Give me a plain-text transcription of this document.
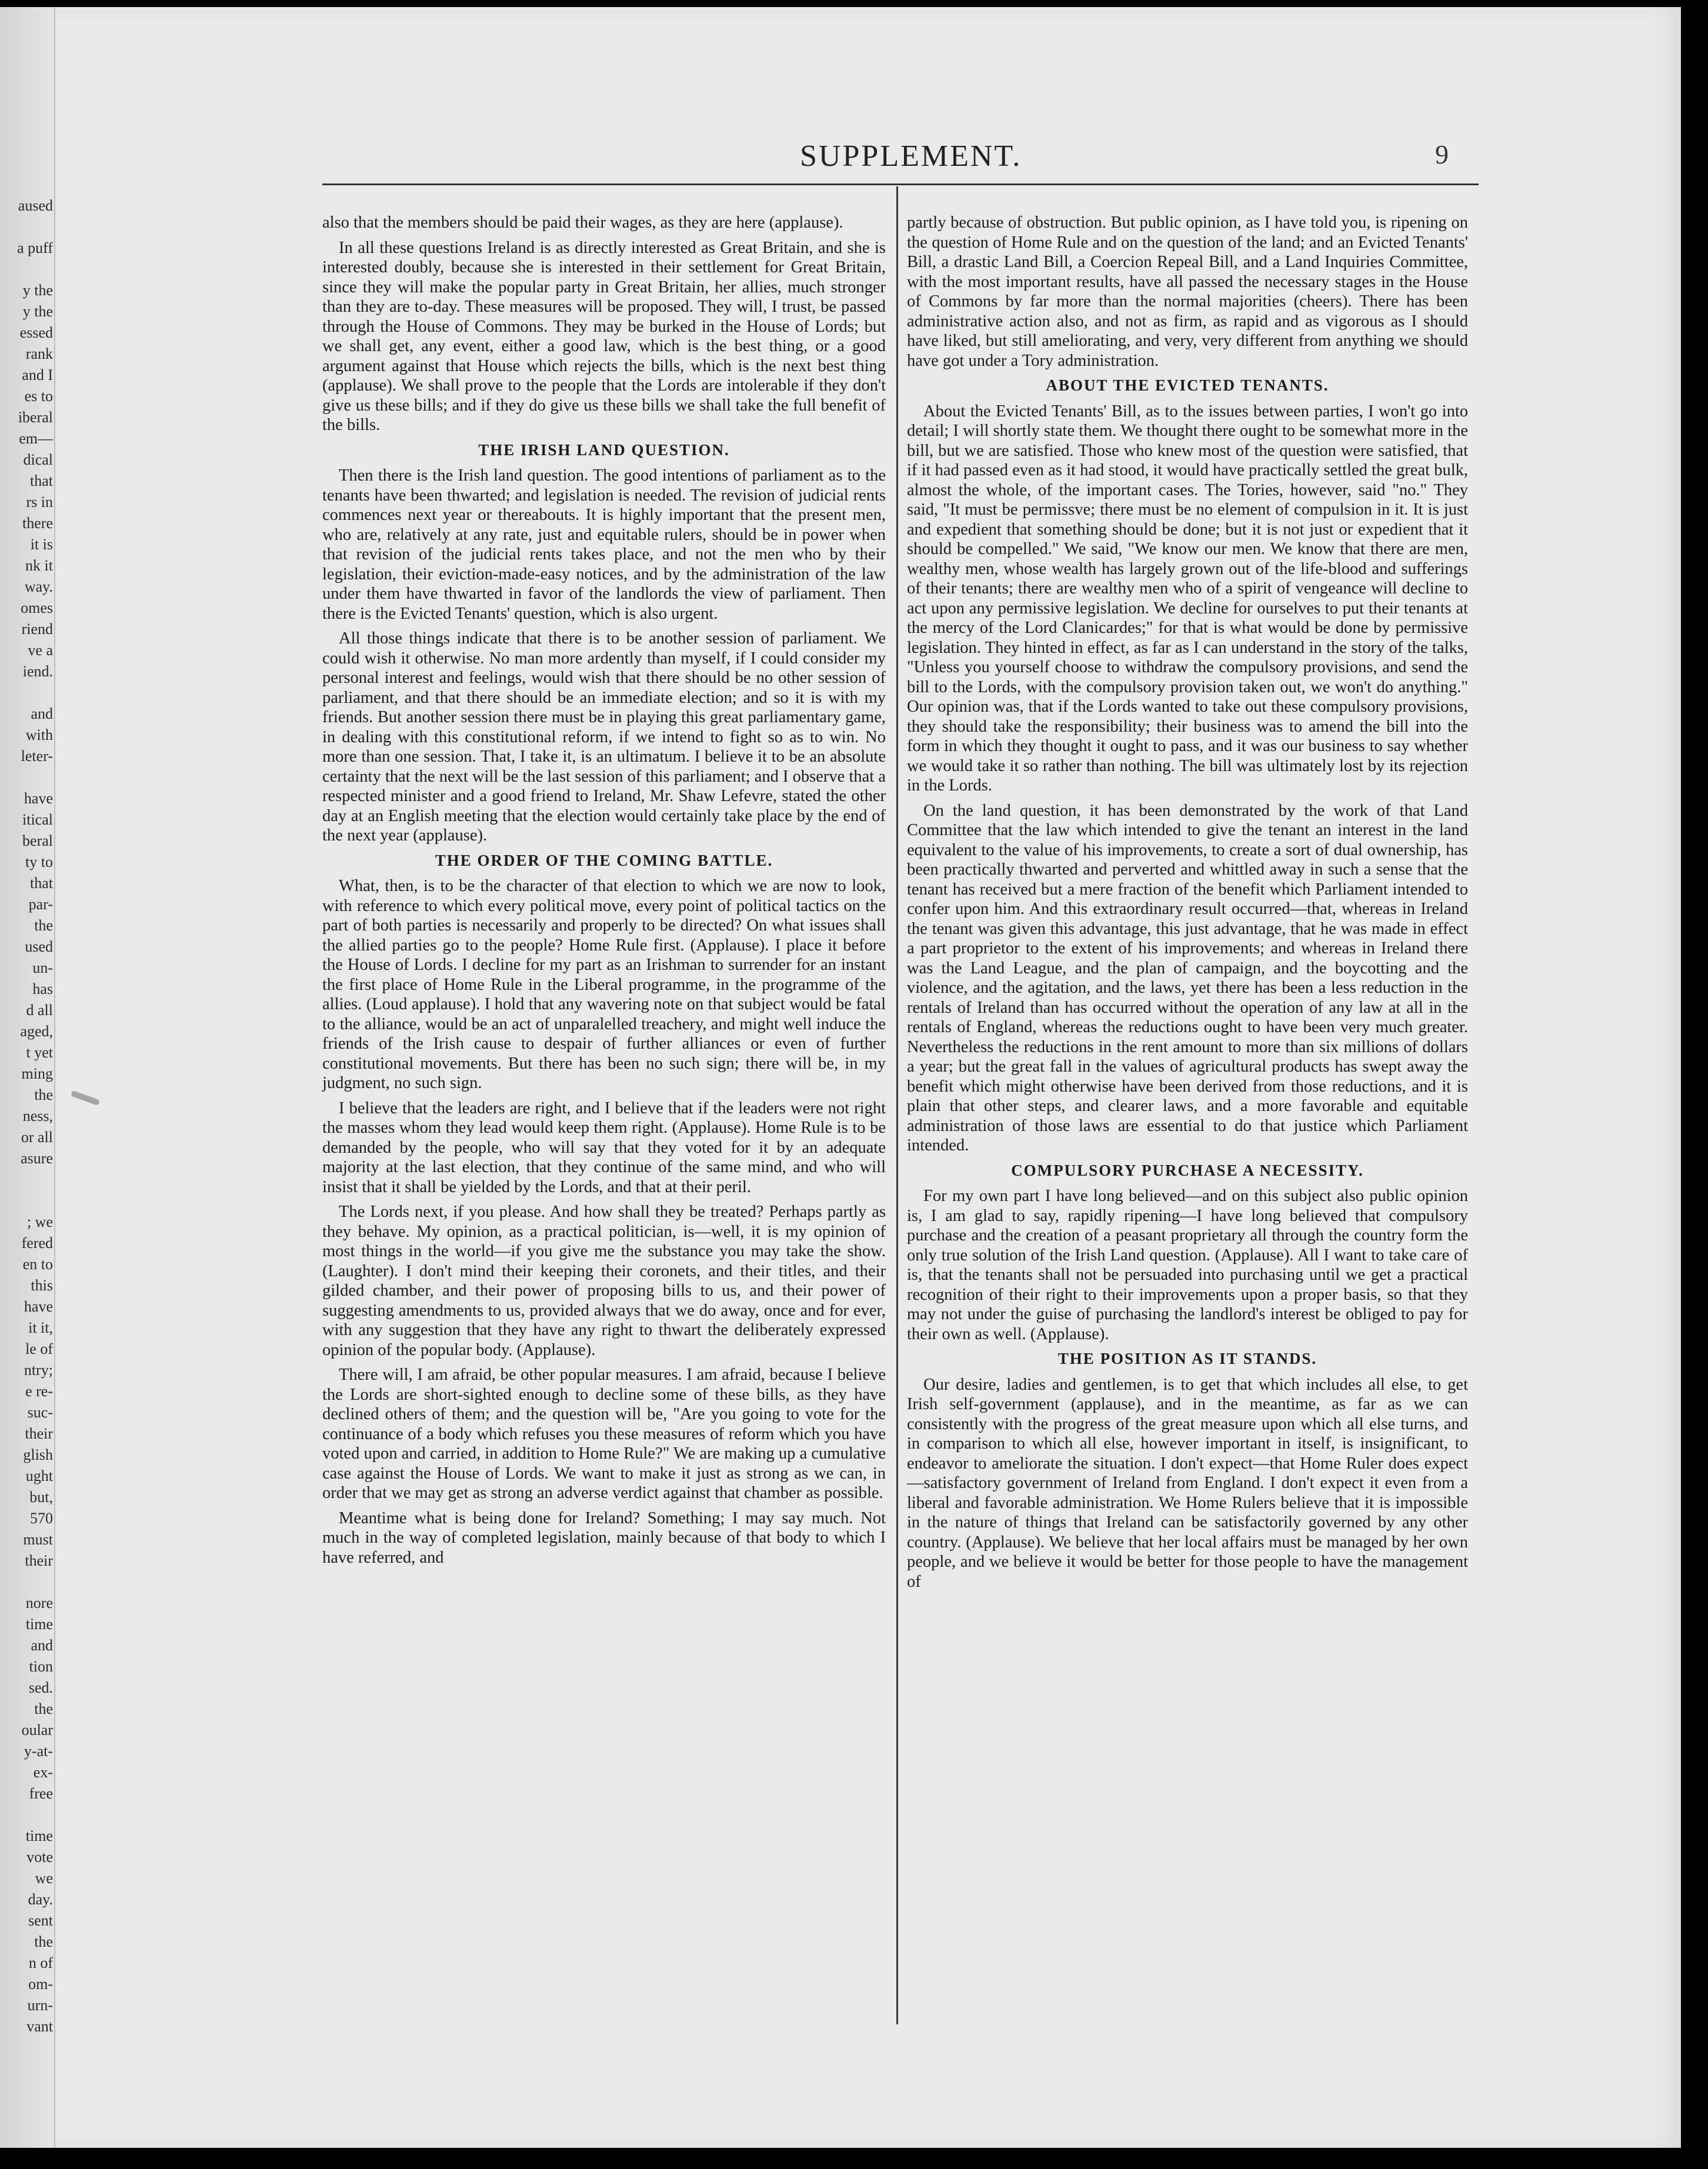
aused
a puff
y the
y the
essed
rank
and I
es to
iberal
em—
dical
that
rs in
there
it is
nk it
way.
omes
riend
ve a
iend.
and
with
leter-
have
itical
beral
ty to
that
par-
the
used
un-
has
d all
aged,
t yet
ming
the
ness,
or all
asure
; we
fered
en to
this
have
it it,
le of
ntry;
e re-
suc-
their
glish
ught
but,
570
must
their
nore
time
and
tion
sed.
the
oular
y-at-
ex-
free
time
vote
we
day.
sent
the
n of
om-
urn-
vant
SUPPLEMENT.	9

also that the members should be paid their wages, as they are here (applause).

In all these questions Ireland is as directly interested as Great Britain, and she is interested doubly, because she is interested in their settlement for Great Britain, since they will make the popular party in Great Britain, her allies, much stronger than they are to-day. These measures will be proposed. They will, I trust, be passed through the House of Commons. They may be burked in the House of Lords; but we shall get, any event, either a good law, which is the best thing, or a good argument against that House which rejects the bills, which is the next best thing (applause). We shall prove to the people that the Lords are intolerable if they don't give us these bills; and if they do give us these bills we shall take the full benefit of the bills.

THE IRISH LAND QUESTION.

Then there is the Irish land question. The good intentions of parliament as to the tenants have been thwarted; and legislation is needed. The revision of judicial rents commences next year or thereabouts. It is highly important that the present men, who are, relatively at any rate, just and equitable rulers, should be in power when that revision of the judicial rents takes place, and not the men who by their legislation, their eviction-made-easy notices, and by the administration of the law under them have thwarted in favor of the landlords the view of parliament. Then there is the Evicted Tenants' question, which is also urgent.

All those things indicate that there is to be another session of parliament. We could wish it otherwise. No man more ardently than myself, if I could consider my personal interest and feelings, would wish that there should be no other session of parliament, and that there should be an immediate election; and so it is with my friends. But another session there must be in playing this great parliamentary game, in dealing with this constitutional reform, if we intend to fight so as to win. No more than one session. That, I take it, is an ultimatum. I believe it to be an absolute certainty that the next will be the last session of this parliament; and I observe that a respected minister and a good friend to Ireland, Mr. Shaw Lefevre, stated the other day at an English meeting that the election would certainly take place by the end of the next year (applause).

THE ORDER OF THE COMING BATTLE.

What, then, is to be the character of that election to which we are now to look, with reference to which every political move, every point of political tactics on the part of both parties is necessarily and properly to be directed? On what issues shall the allied parties go to the people? Home Rule first. (Applause). I place it before the House of Lords. I decline for my part as an Irishman to surrender for an instant the first place of Home Rule in the Liberal programme, in the programme of the allies. (Loud applause). I hold that any wavering note on that subject would be fatal to the alliance, would be an act of unparalelled treachery, and might well induce the friends of the Irish cause to despair of further alliances or even of further constitutional movements. But there has been no such sign; there will be, in my judgment, no such sign.

I believe that the leaders are right, and I believe that if the leaders were not right the masses whom they lead would keep them right. (Applause). Home Rule is to be demanded by the people, who will say that they voted for it by an adequate majority at the last election, that they continue of the same mind, and who will insist that it shall be yielded by the Lords, and that at their peril.

The Lords next, if you please. And how shall they be treated? Perhaps partly as they behave. My opinion, as a practical politician, is—well, it is my opinion of most things in the world—if you give me the substance you may take the show. (Laughter). I don't mind their keeping their coronets, and their titles, and their gilded chamber, and their power of proposing bills to us, and their power of suggesting amendments to us, provided always that we do away, once and for ever, with any suggestion that they have any right to thwart the deliberately expressed opinion of the popular body. (Applause).

There will, I am afraid, be other popular measures. I am afraid, because I believe the Lords are short-sighted enough to decline some of these bills, as they have declined others of them; and the question will be, "Are you going to vote for the continuance of a body which refuses you these measures of reform which you have voted upon and carried, in addition to Home Rule?" We are making up a cumulative case against the House of Lords. We want to make it just as strong as we can, in order that we may get as strong an adverse verdict against that chamber as possible.

Meantime what is being done for Ireland? Something; I may say much. Not much in the way of completed legislation, mainly because of that body to which I have referred, and

partly because of obstruction. But public opinion, as I have told you, is ripening on the question of Home Rule and on the question of the land; and an Evicted Tenants' Bill, a drastic Land Bill, a Coercion Repeal Bill, and a Land Inquiries Committee, with the most important results, have all passed the necessary stages in the House of Commons by far more than the normal majorities (cheers). There has been administrative action also, and not as firm, as rapid and as vigorous as I should have liked, but still ameliorating, and very, very different from anything we should have got under a Tory administration.

ABOUT THE EVICTED TENANTS.

About the Evicted Tenants' Bill, as to the issues between parties, I won't go into detail; I will shortly state them. We thought there ought to be somewhat more in the bill, but we are satisfied. Those who knew most of the question were satisfied, that if it had passed even as it had stood, it would have practically settled the great bulk, almost the whole, of the important cases. The Tories, however, said "no." They said, "It must be permissve; there must be no element of compulsion in it. It is just and expedient that something should be done; but it is not just or expedient that it should be compelled." We said, "We know our men. We know that there are men, wealthy men, whose wealth has largely grown out of the life-blood and sufferings of their tenants; there are wealthy men who of a spirit of vengeance will decline to act upon any permissive legislation. We decline for ourselves to put their tenants at the mercy of the Lord Clanicardes;" for that is what would be done by permissive legislation. They hinted in effect, as far as I can understand in the story of the talks, "Unless you yourself choose to withdraw the compulsory provisions, and send the bill to the Lords, with the compulsory provision taken out, we won't do anything." Our opinion was, that if the Lords wanted to take out these compulsory provisions, they should take the responsibility; their business was to amend the bill into the form in which they thought it ought to pass, and it was our business to say whether we would take it so rather than nothing. The bill was ultimately lost by its rejection in the Lords.

On the land question, it has been demonstrated by the work of that Land Committee that the law which intended to give the tenant an interest in the land equivalent to the value of his improvements, to create a sort of dual ownership, has been practically thwarted and perverted and whittled away in such a sense that the tenant has received but a mere fraction of the benefit which Parliament intended to confer upon him. And this extraordinary result occurred—that, whereas in Ireland the tenant was given this advantage, this just advantage, that he was made in effect a part proprietor to the extent of his improvements; and whereas in Ireland there was the Land League, and the plan of campaign, and the boycotting and the violence, and the agitation, and the laws, yet there has been a less reduction in the rentals of Ireland than has occurred without the operation of any law at all in the rentals of England, whereas the reductions ought to have been very much greater. Nevertheless the reductions in the rent amount to more than six millions of dollars a year; but the great fall in the values of agricultural products has swept away the benefit which might otherwise have been derived from those reductions, and it is plain that other steps, and clearer laws, and a more favorable and equitable administration of those laws are essential to do that justice which Parliament intended.

COMPULSORY PURCHASE A NECESSITY.

For my own part I have long believed—and on this subject also public opinion is, I am glad to say, rapidly ripening—I have long believed that compulsory purchase and the creation of a peasant proprietary all through the country form the only true solution of the Irish Land question. (Applause). All I want to take care of is, that the tenants shall not be persuaded into purchasing until we get a practical recognition of their right to their improvements upon a proper basis, so that they may not under the guise of purchasing the landlord's interest be obliged to pay for their own as well. (Applause).

THE POSITION AS IT STANDS.

Our desire, ladies and gentlemen, is to get that which includes all else, to get Irish self-government (applause), and in the meantime, as far as we can consistently with the progress of the great measure upon which all else turns, and in comparison to which all else, however important in itself, is insignificant, to endeavor to ameliorate the situation. I don't expect—that Home Ruler does expect—satisfactory government of Ireland from England. I don't expect it even from a liberal and favorable administration. We Home Rulers believe that it is impossible in the nature of things that Ireland can be satisfactorily governed by any other country. (Applause). We believe that her local affairs must be managed by her own people, and we believe it would be better for those people to have the management of
